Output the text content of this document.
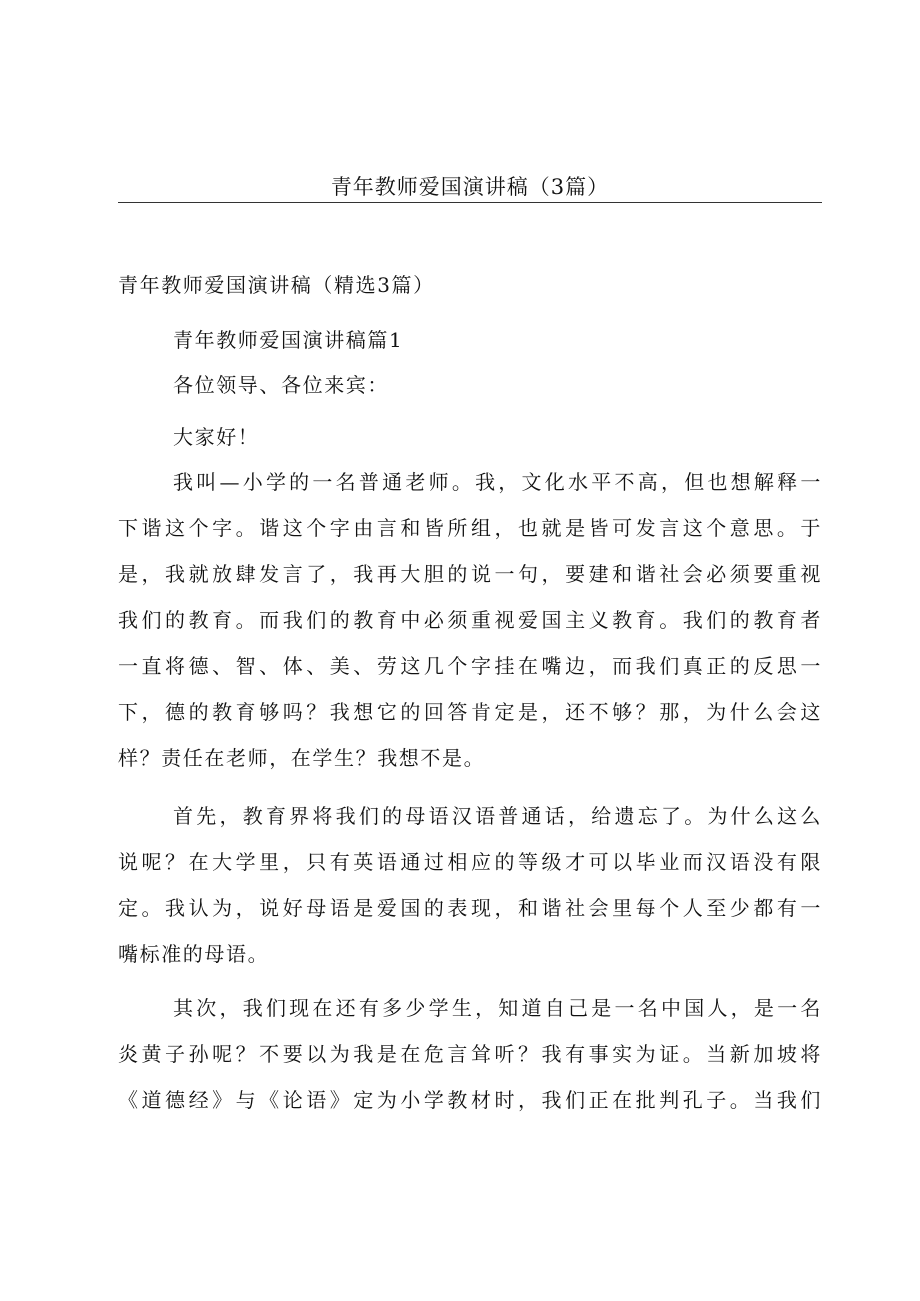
青年教师爱国演讲稿（3篇）
青年教师爱国演讲稿（精选3篇）
青年教师爱国演讲稿篇1
各位领导、各位来宾：
大家好！
我叫—小学的一名普通老师。我，文化水平不高，但也想解释一
下谐这个字。谐这个字由言和皆所组，也就是皆可发言这个意思。于
是，我就放肆发言了，我再大胆的说一句，要建和谐社会必须要重视
我们的教育。而我们的教育中必须重视爱国主义教育。我们的教育者
一直将德、智、体、美、劳这几个字挂在嘴边，而我们真正的反思一
下，德的教育够吗？我想它的回答肯定是，还不够？那，为什么会这
样？责任在老师，在学生？我想不是。
首先，教育界将我们的母语汉语普通话，给遗忘了。为什么这么
说呢？在大学里，只有英语通过相应的等级才可以毕业而汉语没有限
定。我认为，说好母语是爱国的表现，和谐社会里每个人至少都有一
嘴标准的母语。
其次，我们现在还有多少学生，知道自己是一名中国人，是一名
炎黄子孙呢？不要以为我是在危言耸听？我有事实为证。当新加坡将
《道德经》与《论语》定为小学教材时，我们正在批判孔子。当我们
